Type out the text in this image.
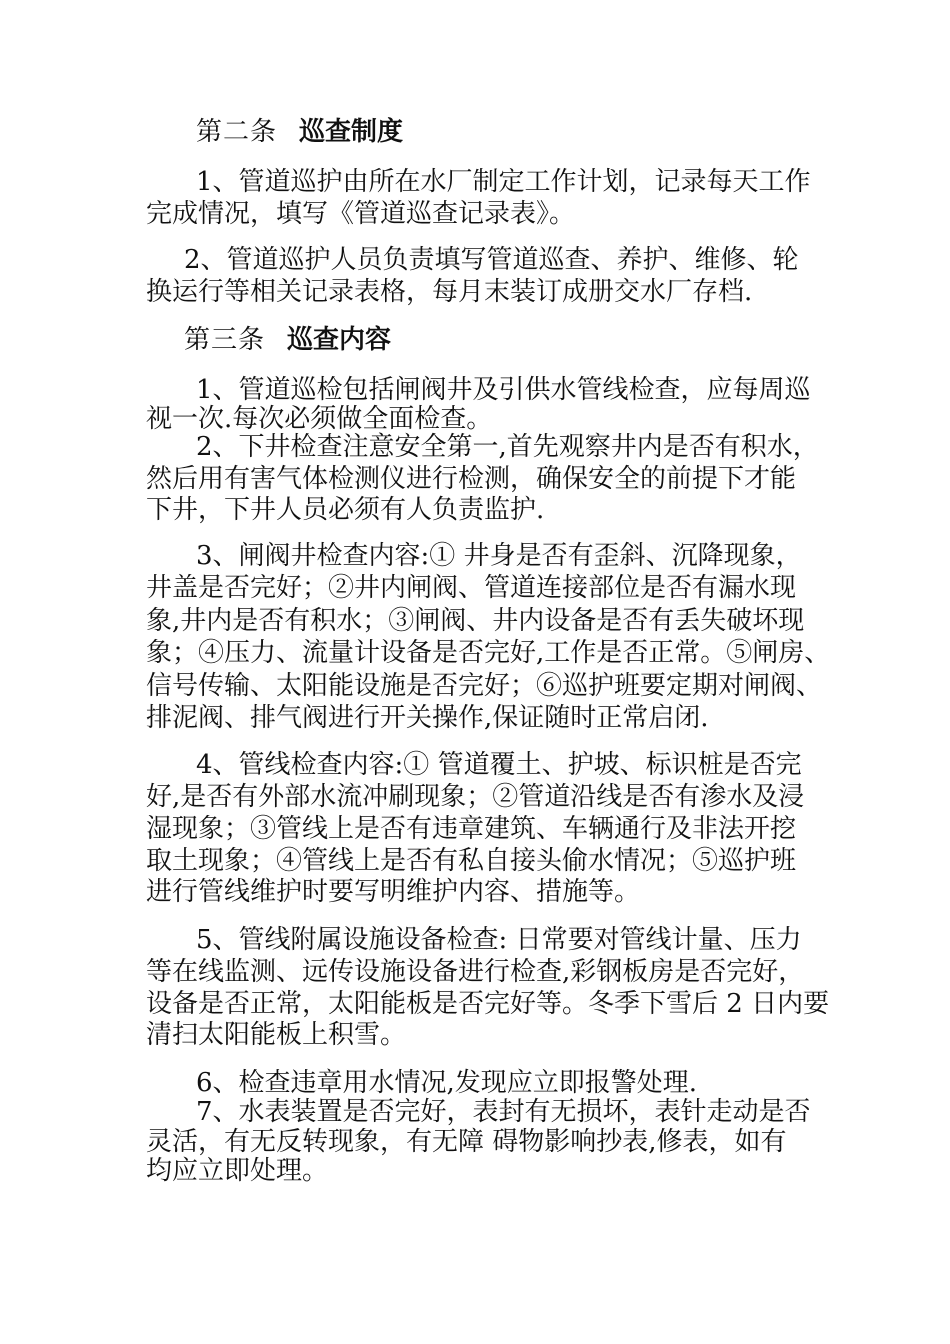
第二条 巡查制度
1、管道巡护由所在水厂制定工作计划，记录每天工作
完成情况，填写《管道巡查记录表》。
2、管道巡护人员负责填写管道巡查、养护、维修、轮
换运行等相关记录表格，每月末装订成册交水厂存档.
第三条 巡查内容
1、管道巡检包括闸阀井及引供水管线检查，应每周巡
视一次.每次必须做全面检查。
2、下井检查注意安全第一,首先观察井内是否有积水，
然后用有害气体检测仪进行检测，确保安全的前提下才能
下井，下井人员必须有人负责监护.
3、闸阀井检查内容:① 井身是否有歪斜、沉降现象，
井盖是否完好；②井内闸阀、管道连接部位是否有漏水现
象,井内是否有积水；③闸阀、井内设备是否有丢失破坏现
象；④压力、流量计设备是否完好,工作是否正常。⑤闸房、
信号传输、太阳能设施是否完好；⑥巡护班要定期对闸阀、
排泥阀、排气阀进行开关操作,保证随时正常启闭.
4、管线检查内容:① 管道覆土、护坡、标识桩是否完
好,是否有外部水流冲刷现象；②管道沿线是否有渗水及浸
湿现象；③管线上是否有违章建筑、车辆通行及非法开挖
取土现象；④管线上是否有私自接头偷水情况；⑤巡护班
进行管线维护时要写明维护内容、措施等。
5、管线附属设施设备检查: 日常要对管线计量、压力
等在线监测、远传设施设备进行检查,彩钢板房是否完好，
设备是否正常，太阳能板是否完好等。冬季下雪后 2 日内要
清扫太阳能板上积雪。
6、检查违章用水情况,发现应立即报警处理.
7、水表装置是否完好，表封有无损坏，表针走动是否
灵活，有无反转现象，有无障 碍物影响抄表,修表，如有
均应立即处理。
